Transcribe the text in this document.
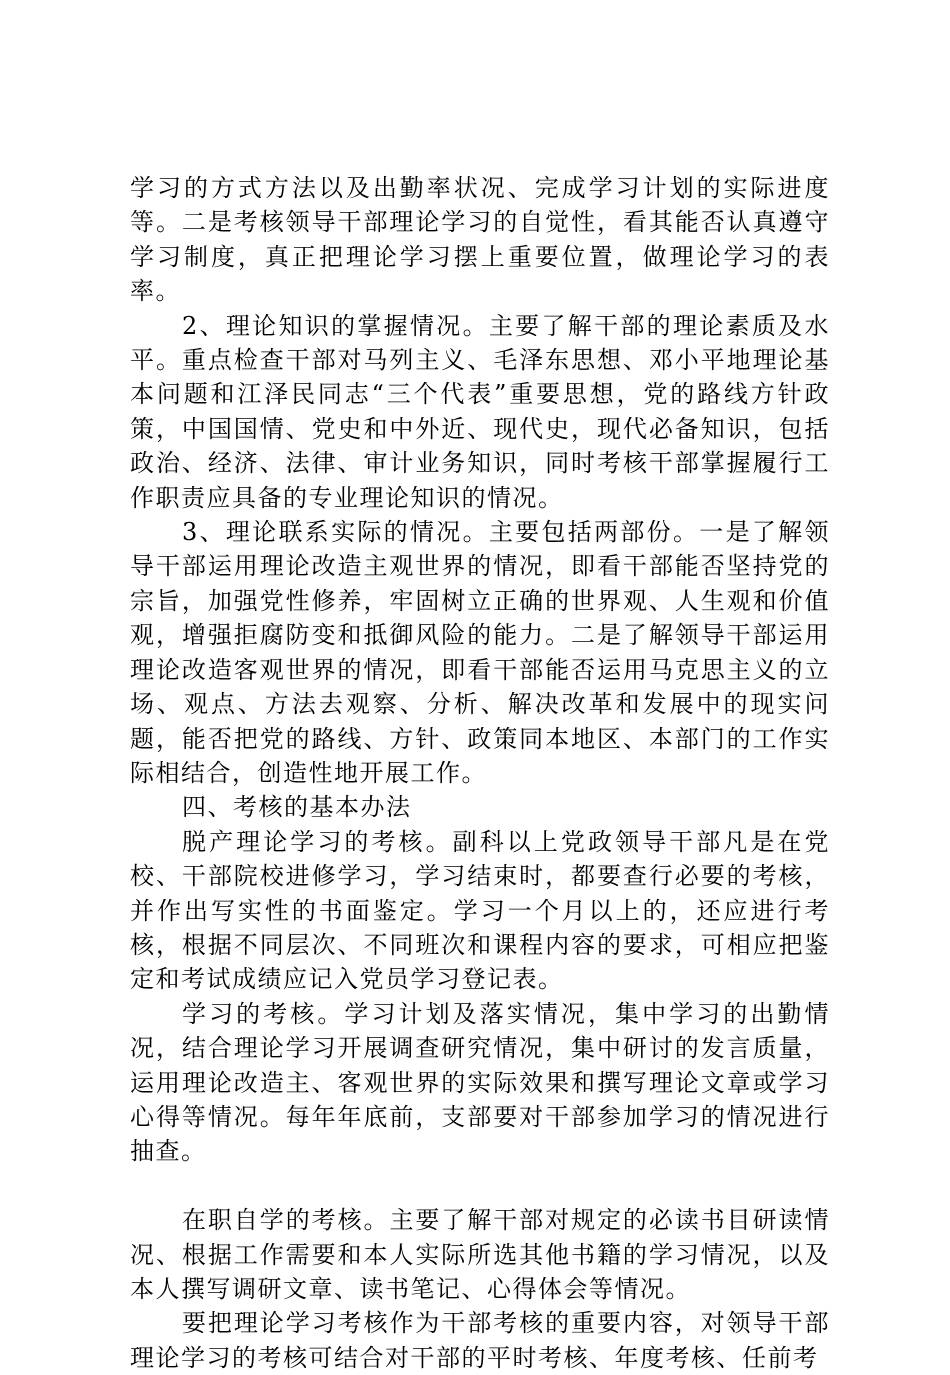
学习的方式方法以及出勤率状况、完成学习计划的实际进度等。二是考核领导干部理论学习的自觉性，看其能否认真遵守学习制度，真正把理论学习摆上重要位置，做理论学习的表率。

2、理论知识的掌握情况。主要了解干部的理论素质及水平。重点检查干部对马列主义、毛泽东思想、邓小平地理论基本问题和江泽民同志“三个代表”重要思想，党的路线方针政策，中国国情、党史和中外近、现代史，现代必备知识，包括政治、经济、法律、审计业务知识，同时考核干部掌握履行工作职责应具备的专业理论知识的情况。

3、理论联系实际的情况。主要包括两部份。一是了解领导干部运用理论改造主观世界的情况，即看干部能否坚持党的宗旨，加强党性修养，牢固树立正确的世界观、人生观和价值观，增强拒腐防变和抵御风险的能力。二是了解领导干部运用理论改造客观世界的情况，即看干部能否运用马克思主义的立场、观点、方法去观察、分析、解决改革和发展中的现实问题，能否把党的路线、方针、政策同本地区、本部门的工作实际相结合，创造性地开展工作。

四、考核的基本办法

脱产理论学习的考核。副科以上党政领导干部凡是在党校、干部院校进修学习，学习结束时，都要查行必要的考核，并作出写实性的书面鉴定。学习一个月以上的，还应进行考核，根据不同层次、不同班次和课程内容的要求，可相应把鉴定和考试成绩应记入党员学习登记表。

学习的考核。学习计划及落实情况，集中学习的出勤情况，结合理论学习开展调查研究情况，集中研讨的发言质量，运用理论改造主、客观世界的实际效果和撰写理论文章或学习心得等情况。每年年底前，支部要对干部参加学习的情况进行抽查。

在职自学的考核。主要了解干部对规定的必读书目研读情况、根据工作需要和本人实际所选其他书籍的学习情况，以及本人撰写调研文章、读书笔记、心得体会等情况。

要把理论学习考核作为干部考核的重要内容，对领导干部理论学习的考核可结合对干部的平时考核、年度考核、任前考
